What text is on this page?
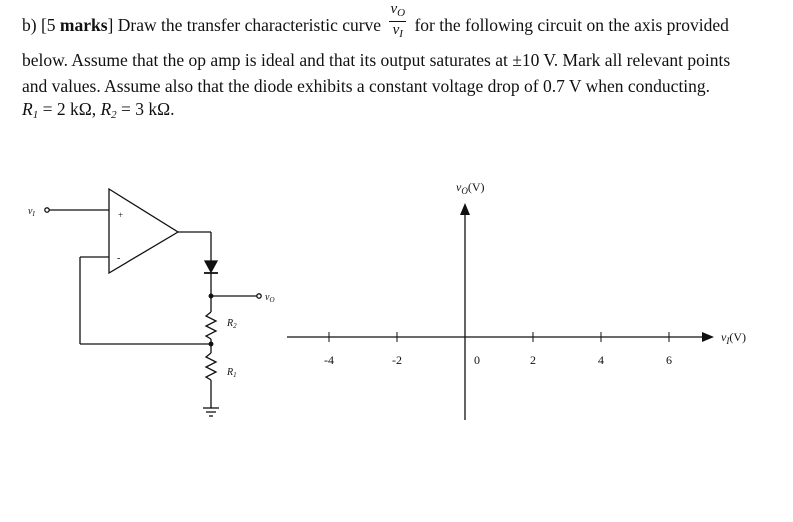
b) [5 marks] Draw the transfer characteristic curve $\frac{v_O}{v_I}$ for the following circuit on the axis provided
below. Assume that the op amp is ideal and that its output saturates at ±10 V. Mark all relevant points
and values. Assume also that the diode exhibits a constant voltage drop of 0.7 V when conducting.
$R_1 = 2$ kΩ, $R_2 = 3$ kΩ.
$v_I$	+
-
$v_O$
$R_2$
$R_1$
-4	-2	0	2	4	6
$v_O(V)$
$v_I(V)$
